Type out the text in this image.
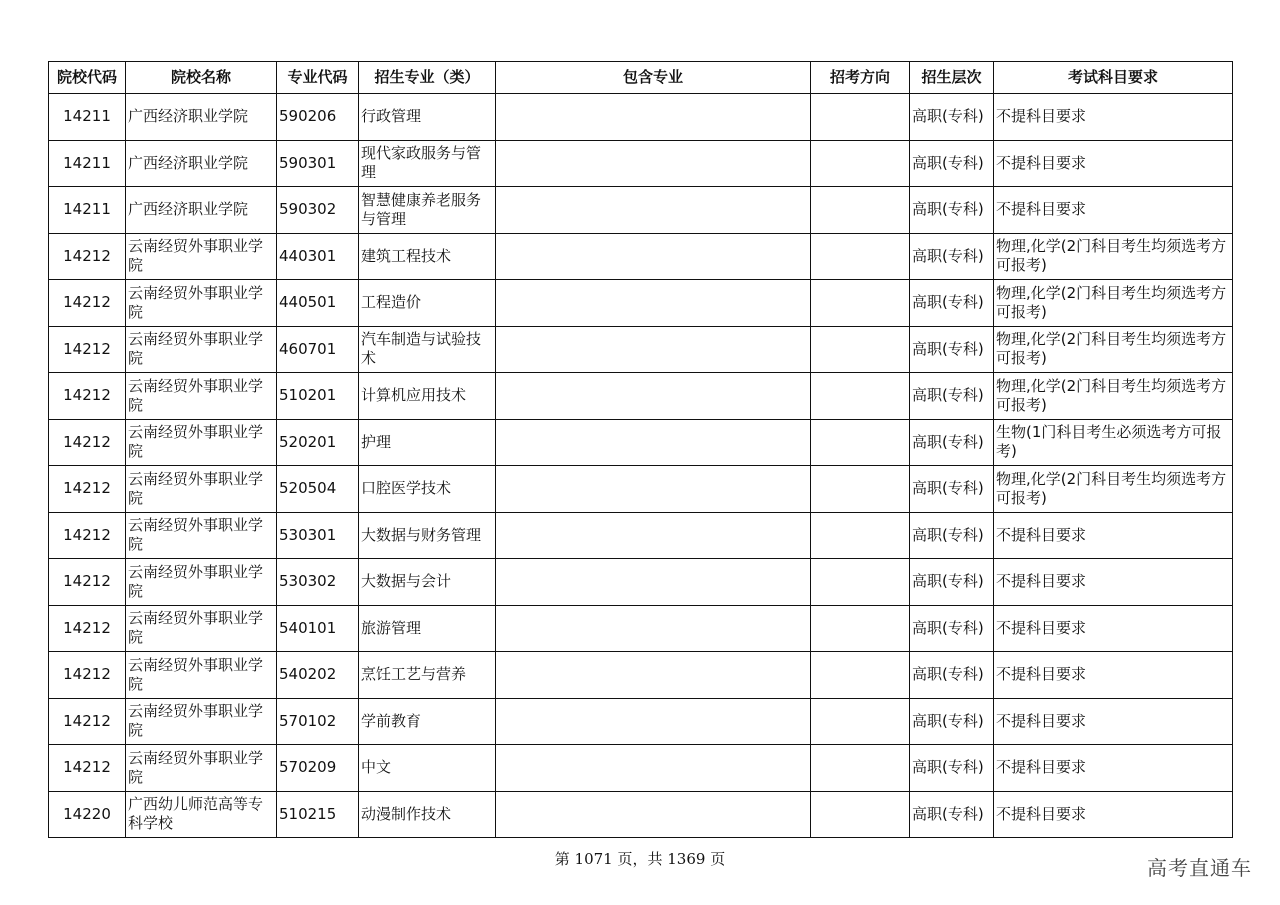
院校代码	院校名称	专业代码	招生专业（类）	包含专业	招考方向	招生层次	考试科目要求
14211	广西经济职业学院	590206	行政管理			高职(专科)	不提科目要求
14211	广西经济职业学院	590301	现代家政服务与管理			高职(专科)	不提科目要求
14211	广西经济职业学院	590302	智慧健康养老服务与管理			高职(专科)	不提科目要求
14212	云南经贸外事职业学院	440301	建筑工程技术			高职(专科)	物理,化学(2门科目考生均须选考方可报考)
14212	云南经贸外事职业学院	440501	工程造价			高职(专科)	物理,化学(2门科目考生均须选考方可报考)
14212	云南经贸外事职业学院	460701	汽车制造与试验技术			高职(专科)	物理,化学(2门科目考生均须选考方可报考)
14212	云南经贸外事职业学院	510201	计算机应用技术			高职(专科)	物理,化学(2门科目考生均须选考方可报考)
14212	云南经贸外事职业学院	520201	护理			高职(专科)	生物(1门科目考生必须选考方可报考)
14212	云南经贸外事职业学院	520504	口腔医学技术			高职(专科)	物理,化学(2门科目考生均须选考方可报考)
14212	云南经贸外事职业学院	530301	大数据与财务管理			高职(专科)	不提科目要求
14212	云南经贸外事职业学院	530302	大数据与会计			高职(专科)	不提科目要求
14212	云南经贸外事职业学院	540101	旅游管理			高职(专科)	不提科目要求
14212	云南经贸外事职业学院	540202	烹饪工艺与营养			高职(专科)	不提科目要求
14212	云南经贸外事职业学院	570102	学前教育			高职(专科)	不提科目要求
14212	云南经贸外事职业学院	570209	中文			高职(专科)	不提科目要求
14220	广西幼儿师范高等专科学校	510215	动漫制作技术			高职(专科)	不提科目要求
第 1071 页，共 1369 页	高考直通车
